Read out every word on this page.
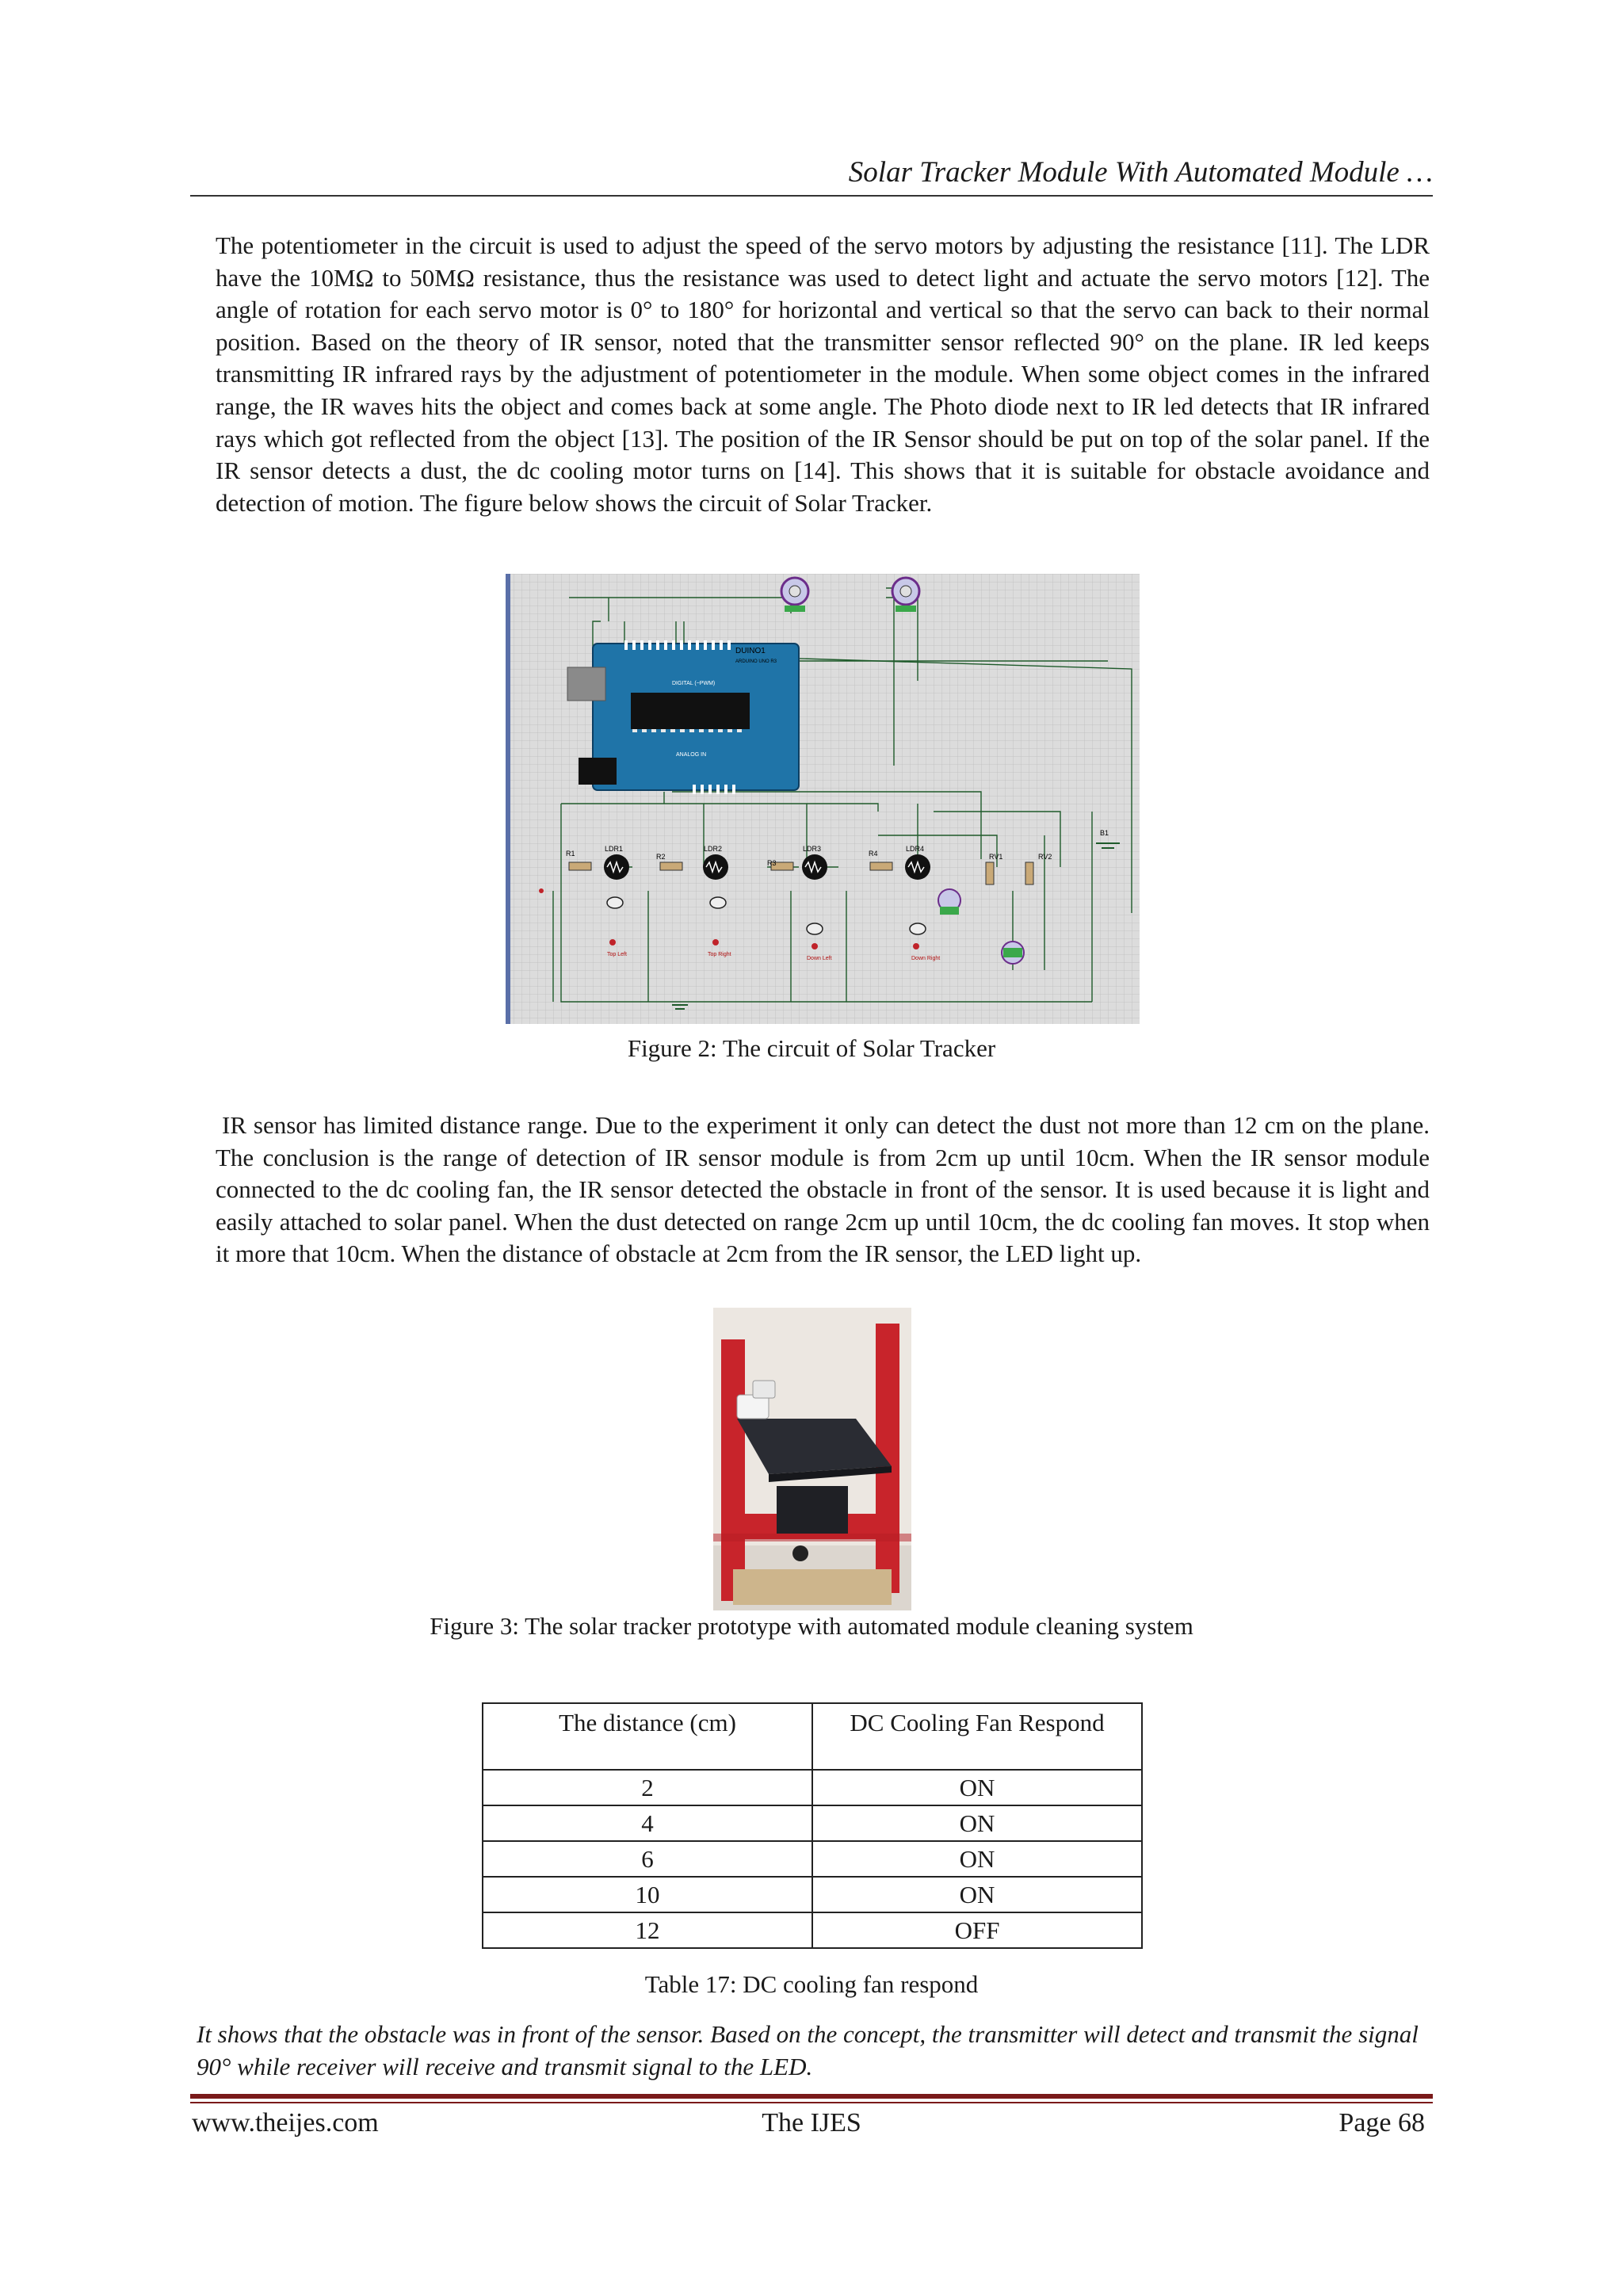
Solar Tracker Module With Automated Module …

The potentiometer in the circuit is used to adjust the speed of the servo motors by adjusting the resistance [11]. The LDR have the 10MΩ to 50MΩ resistance, thus the resistance was used to detect light and actuate the servo motors [12]. The angle of rotation for each servo motor is 0° to 180° for horizontal and vertical so that the servo can back to their normal position. Based on the theory of IR sensor, noted that the transmitter sensor reflected 90° on the plane. IR led keeps transmitting IR infrared rays by the adjustment of potentiometer in the module. When some object comes in the infrared range, the IR waves hits the object and comes back at some angle. The Photo diode next to IR led detects that IR infrared rays which got reflected from the object [13]. The position of the IR Sensor should be put on top of the solar panel. If the IR sensor detects a dust, the dc cooling motor turns on [14]. This shows that it is suitable for obstacle avoidance and detection of motion. The figure below shows the circuit of Solar Tracker.

DUINO1
ARDUINO UNO R3
DIGITAL (~PWM)
ANALOG IN
R1	R2
R3
R4
LDR1	LDR2	LDR3	LDR4
RV1	RV2
B1
Top Left	Top Right
Down Left	Down Right

Figure 2: The circuit of Solar Tracker

IR sensor has limited distance range. Due to the experiment it only can detect the dust not more than 12 cm on the plane. The conclusion is the range of detection of IR sensor module is from 2cm up until 10cm. When the IR sensor module connected to the dc cooling fan, the IR sensor detected the obstacle in front of the sensor. It is used because it is light and easily attached to solar panel. When the dust detected on range 2cm up until 10cm, the dc cooling fan moves. It stop when it more that 10cm. When the distance of obstacle at 2cm from the IR sensor, the LED light up.

Figure 3: The solar tracker prototype with automated module cleaning system

The distance (cm)	DC Cooling Fan Respond
2	ON
4	ON
6	ON
10	ON
12	OFF

Table 17: DC cooling fan respond

It shows that the obstacle was in front of the sensor. Based on the concept, the transmitter will detect and transmit the signal 90° while receiver will receive and transmit signal to the LED.

www.theijes.com	The IJES	Page 68
